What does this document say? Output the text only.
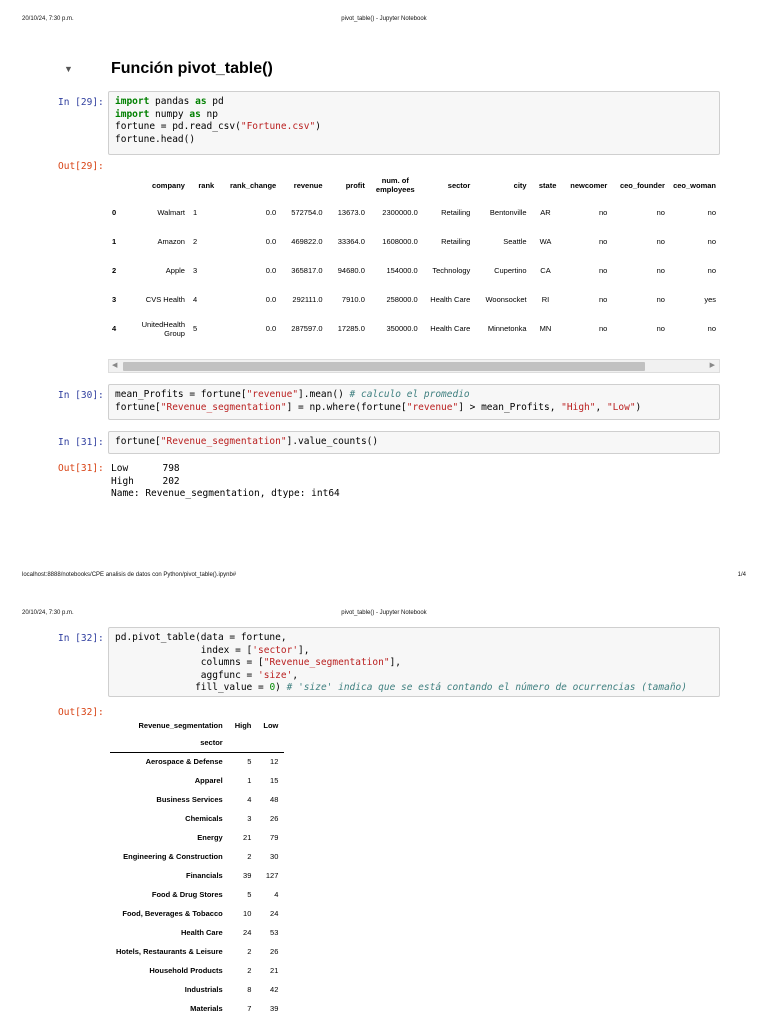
20/10/24, 7:30 p.m.	pivot_table() - Jupyter Notebook
▼ Función pivot_table()
In [29]:	import pandas as pd
import numpy as np
fortune = pd.read_csv("Fortune.csv")
fortune.head()
Out[29]:
	company	rank	rank_change	revenue	profit	num. of employees	sector	city	state	newcomer	ceo_founder	ceo_woman
0	Walmart	1	0.0	572754.0	13673.0	2300000.0	Retailing	Bentonville	AR	no	no	no
1	Amazon	2	0.0	469822.0	33364.0	1608000.0	Retailing	Seattle	WA	no	no	no
2	Apple	3	0.0	365817.0	94680.0	154000.0	Technology	Cupertino	CA	no	no	no
3	CVS Health	4	0.0	292111.0	7910.0	258000.0	Health Care	Woonsocket	RI	no	no	yes
4	UnitedHealth Group	5	0.0	287597.0	17285.0	350000.0	Health Care	Minnetonka	MN	no	no	no
◀	▶
In [30]:	mean_Profits = fortune["revenue"].mean() # calculo el promedio
fortune["Revenue_segmentation"] = np.where(fortune["revenue"] > mean_Profits, "High", "Low")
In [31]:	fortune["Revenue_segmentation"].value_counts()
Out[31]: Low      798
High     202
Name: Revenue_segmentation, dtype: int64
localhost:8888/notebooks/CPE analisis de datos con Python/pivot_table().ipynb#	1/4
20/10/24, 7:30 p.m.	pivot_table() - Jupyter Notebook
In [32]:	pd.pivot_table(data = fortune,
index = ['sector'],
columns = ["Revenue_segmentation"],
aggfunc = 'size',
fill_value = 0) # 'size' indica que se está contando el número de ocurrencias (tamaño)
Out[32]:
Revenue_segmentation	High	Low
sector		
Aerospace & Defense	5	12
Apparel	1	15
Business Services	4	48
Chemicals	3	26
Energy	21	79
Engineering & Construction	2	30
Financials	39	127
Food & Drug Stores	5	4
Food, Beverages & Tobacco	10	24
Health Care	24	53
Hotels, Restaurants & Leisure	2	26
Household Products	2	21
Industrials	8	42
Materials	7	39
